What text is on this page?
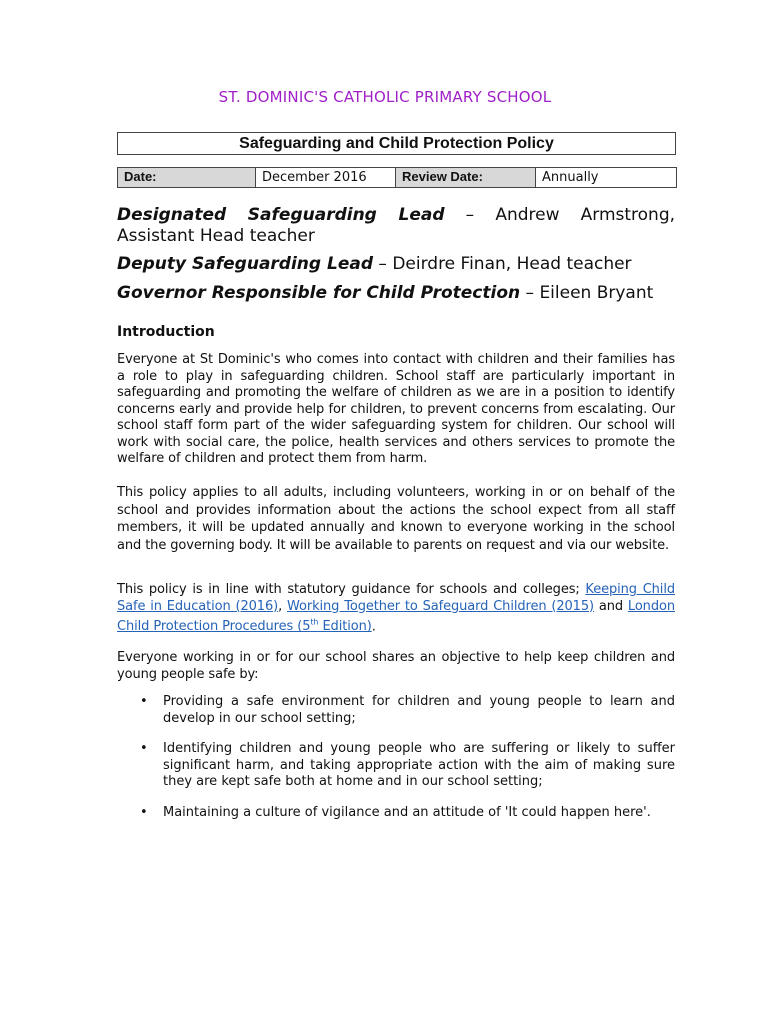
ST. DOMINIC'S CATHOLIC PRIMARY SCHOOL
Safeguarding and Child Protection Policy
Date:	December 2016	Review Date:	Annually
Designated Safeguarding Lead – Andrew Armstrong, Assistant Head teacher
Deputy Safeguarding Lead – Deirdre Finan, Head teacher
Governor Responsible for Child Protection – Eileen Bryant
Introduction
Everyone at St Dominic's who comes into contact with children and their families has a role to play in safeguarding children. School staff are particularly important in safeguarding and promoting the welfare of children as we are in a position to identify concerns early and provide help for children, to prevent concerns from escalating. Our school staff form part of the wider safeguarding system for children. Our school will work with social care, the police, health services and others services to promote the welfare of children and protect them from harm.
This policy applies to all adults, including volunteers, working in or on behalf of the school and provides information about the actions the school expect from all staff members, it will be updated annually and known to everyone working in the school and the governing body. It will be available to parents on request and via our website.
This policy is in line with statutory guidance for schools and colleges; Keeping Child Safe in Education (2016), Working Together to Safeguard Children (2015) and London Child Protection Procedures (5th Edition).
Everyone working in or for our school shares an objective to help keep children and young people safe by:
• Providing a safe environment for children and young people to learn and develop in our school setting;
• Identifying children and young people who are suffering or likely to suffer significant harm, and taking appropriate action with the aim of making sure they are kept safe both at home and in our school setting;
• Maintaining a culture of vigilance and an attitude of 'It could happen here'.
